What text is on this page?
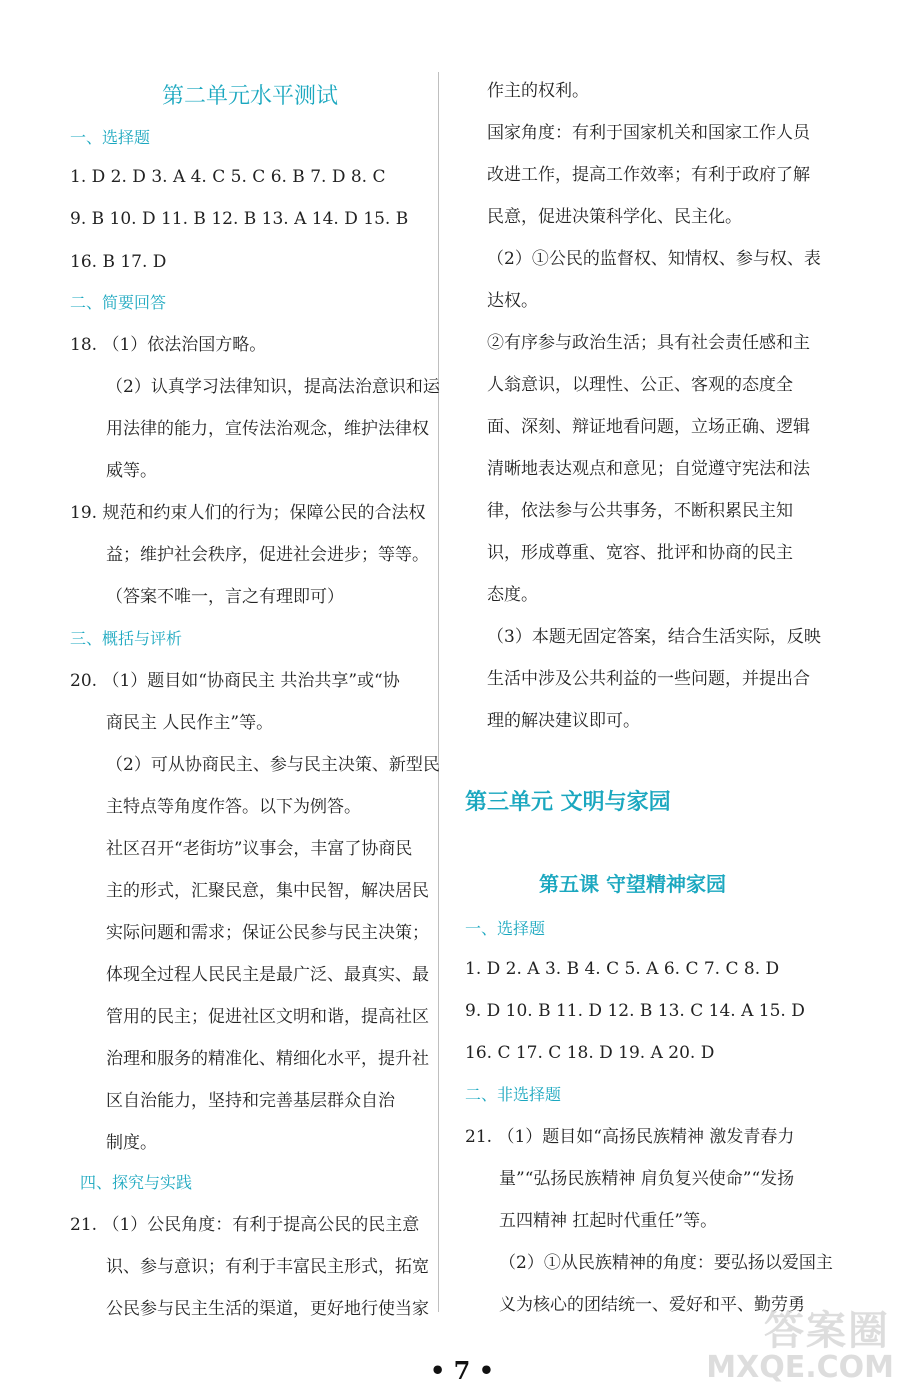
第二单元水平测试
一、选择题
1. D 2. D 3. A 4. C 5. C 6. B 7. D 8. C
9. B 10. D 11. B 12. B 13. A 14. D 15. B
16. B 17. D
二、简要回答
18. （1）依法治国方略。
（2）认真学习法律知识，提高法治意识和运
用法律的能力，宣传法治观念，维护法律权
威等。
19. 规范和约束人们的行为；保障公民的合法权
益；维护社会秩序，促进社会进步；等等。
（答案不唯一，言之有理即可）
三、概括与评析
20. （1）题目如“协商民主 共治共享”或“协
商民主 人民作主”等。
（2）可从协商民主、参与民主决策、新型民
主特点等角度作答。以下为例答。
社区召开“老街坊”议事会，丰富了协商民
主的形式，汇聚民意，集中民智，解决居民
实际问题和需求；保证公民参与民主决策；
体现全过程人民民主是最广泛、最真实、最
管用的民主；促进社区文明和谐，提高社区
治理和服务的精准化、精细化水平，提升社
区自治能力，坚持和完善基层群众自治
制度。
四、探究与实践
21. （1）公民角度：有利于提高公民的民主意
识、参与意识；有利于丰富民主形式，拓宽
公民参与民主生活的渠道，更好地行使当家
作主的权利。
国家角度：有利于国家机关和国家工作人员
改进工作，提高工作效率；有利于政府了解
民意，促进决策科学化、民主化。
（2）①公民的监督权、知情权、参与权、表
达权。
②有序参与政治生活；具有社会责任感和主
人翁意识，以理性、公正、客观的态度全
面、深刻、辩证地看问题，立场正确、逻辑
清晰地表达观点和意见；自觉遵守宪法和法
律，依法参与公共事务，不断积累民主知
识，形成尊重、宽容、批评和协商的民主
态度。
（3）本题无固定答案，结合生活实际，反映
生活中涉及公共利益的一些问题，并提出合
理的解决建议即可。
第三单元 文明与家园
第五课 守望精神家园
一、选择题
1. D 2. A 3. B 4. C 5. A 6. C 7. C 8. D
9. D 10. B 11. D 12. B 13. C 14. A 15. D
16. C 17. C 18. D 19. A 20. D
二、非选择题
21. （1）题目如“高扬民族精神 激发青春力
量”“弘扬民族精神 肩负复兴使命”“发扬
五四精神 扛起时代重任”等。
（2）①从民族精神的角度：要弘扬以爱国主
义为核心的团结统一、爱好和平、勤劳勇
• 7 •
答案圈
MXQE.COM
